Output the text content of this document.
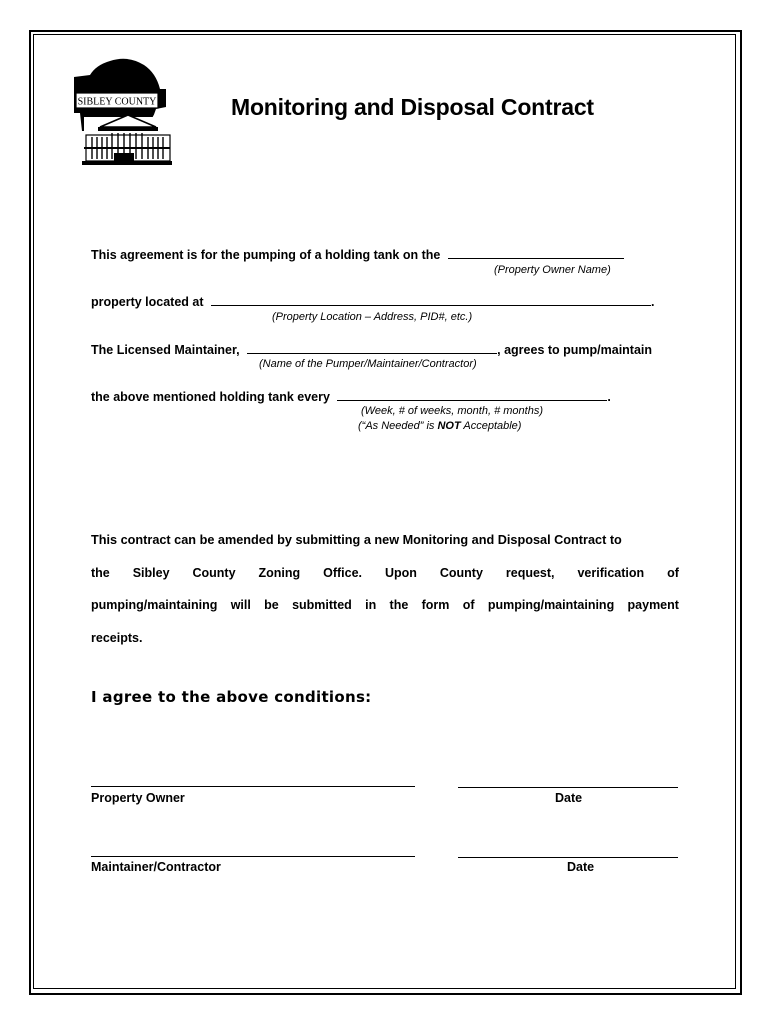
SIBLEY COUNTY	Monitoring and Disposal Contract
This agreement is for the pumping of a holding tank on the
(Property Owner Name)
property located at	.
(Property Location – Address, PID#, etc.)
The Licensed Maintainer,	, agrees to pump/maintain
(Name of the Pumper/Maintainer/Contractor)
the above mentioned holding tank every	.
(Week, # of weeks, month, # months)
(“As Needed” is NOT Acceptable)
This contract can be amended by submitting a new Monitoring and Disposal Contract to
the Sibley County Zoning Office. Upon County request, verification of
pumping/maintaining will be submitted in the form of pumping/maintaining payment
receipts.
I agree to the above conditions:
Property Owner	Date
Maintainer/Contractor	Date
